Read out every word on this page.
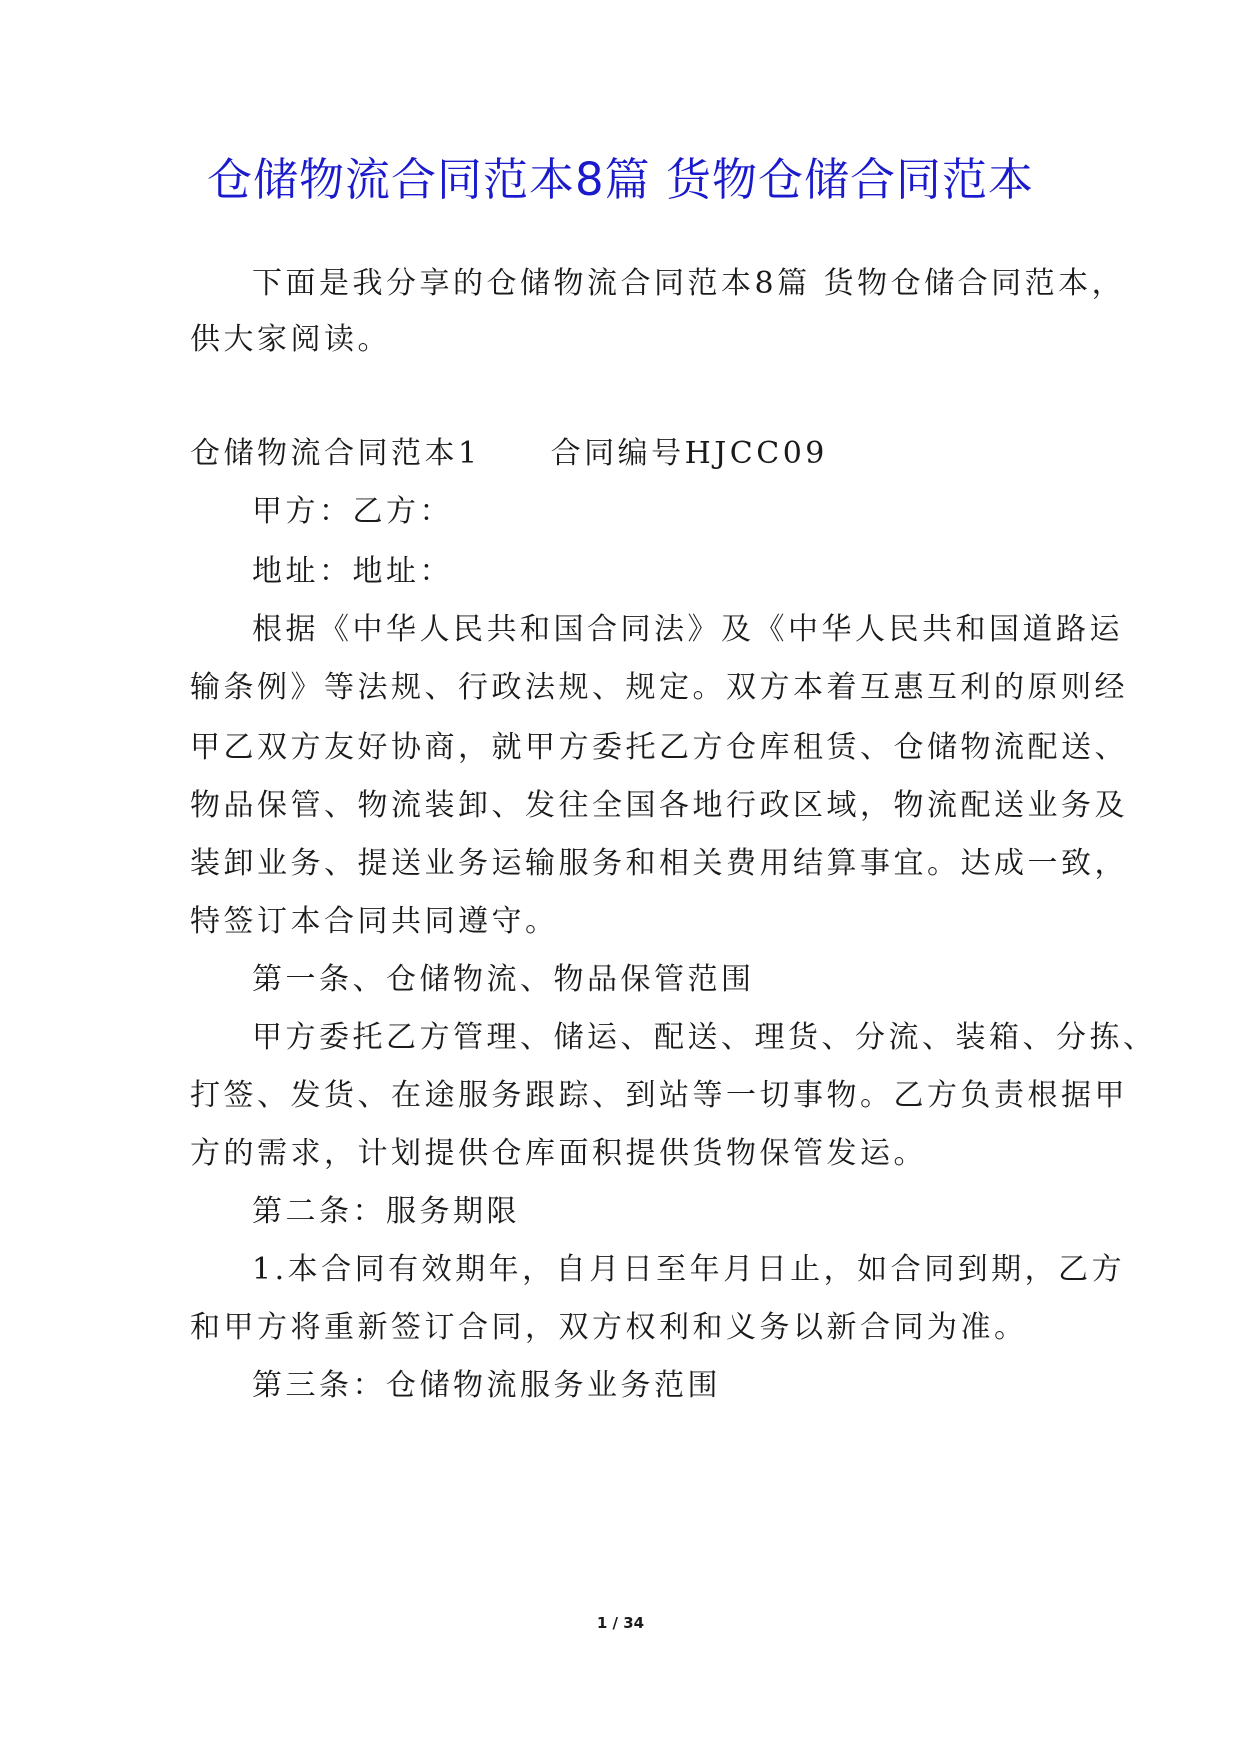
仓储物流合同范本8篇 货物仓储合同范本
下面是我分享的仓储物流合同范本8篇 货物仓储合同范本，
供大家阅读。
仓储物流合同范本1 合同编号HJCC09
甲方：乙方：
地址：地址：
根据《中华人民共和国合同法》及《中华人民共和国道路运
输条例》等法规、行政法规、规定。双方本着互惠互利的原则经
甲乙双方友好协商，就甲方委托乙方仓库租赁、仓储物流配送、
物品保管、物流装卸、发往全国各地行政区域，物流配送业务及
装卸业务、提送业务运输服务和相关费用结算事宜。达成一致，
特签订本合同共同遵守。
第一条、仓储物流、物品保管范围
甲方委托乙方管理、储运、配送、理货、分流、装箱、分拣、
打签、发货、在途服务跟踪、到站等一切事物。乙方负责根据甲
方的需求，计划提供仓库面积提供货物保管发运。
第二条：服务期限
1.本合同有效期年，自月日至年月日止，如合同到期，乙方
和甲方将重新签订合同，双方权利和义务以新合同为准。
第三条：仓储物流服务业务范围
1 / 34
